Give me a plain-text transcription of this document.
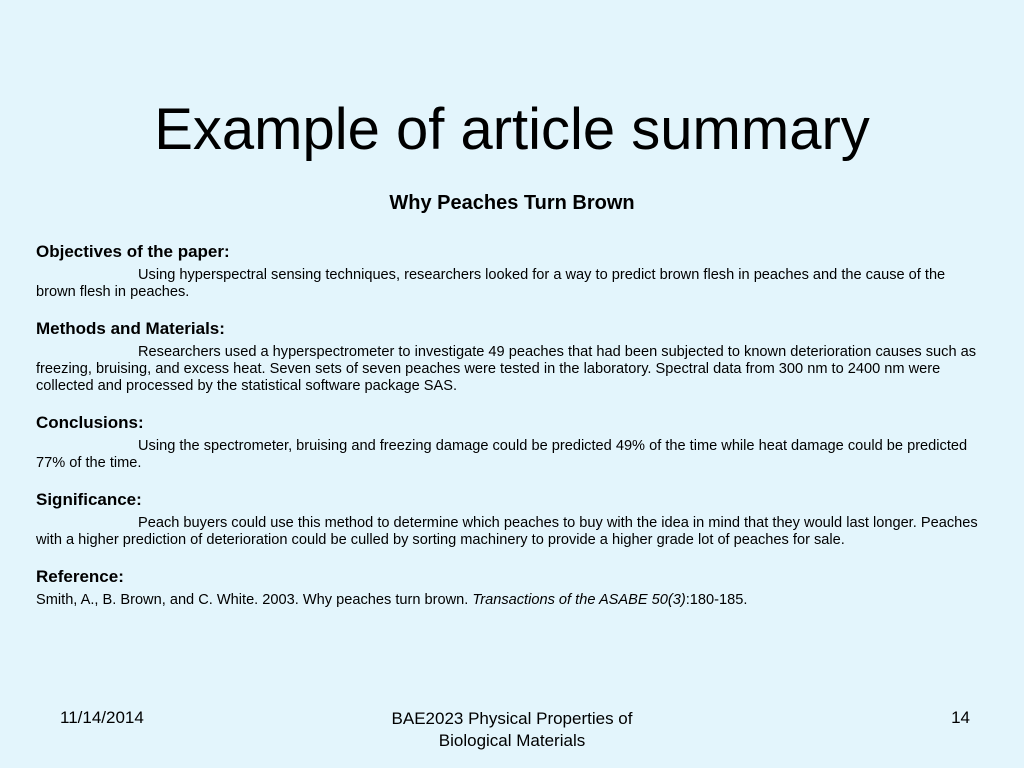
Example of article summary
Why Peaches Turn Brown
Objectives of the paper:

Using hyperspectral sensing techniques, researchers looked for a way to predict brown flesh in peaches and the cause of the brown flesh in peaches.

Methods and Materials:

Researchers used a hyperspectrometer to investigate 49 peaches that had been subjected to known deterioration causes such as freezing, bruising, and excess heat. Seven sets of seven peaches were tested in the laboratory. Spectral data from 300 nm to 2400 nm were collected and processed by the statistical software package SAS.

Conclusions:

Using the spectrometer, bruising and freezing damage could be predicted 49% of the time while heat damage could be predicted 77% of the time.

Significance:

Peach buyers could use this method to determine which peaches to buy with the idea in mind that they would last longer. Peaches with a higher prediction of deterioration could be culled by sorting machinery to provide a higher grade lot of peaches for sale.

Reference:

Smith, A., B. Brown, and C. White. 2003. Why peaches turn brown. Transactions of the ASABE 50(3):180-185.

11/14/2014	BAE2023 Physical Properties of
Biological Materials
14
